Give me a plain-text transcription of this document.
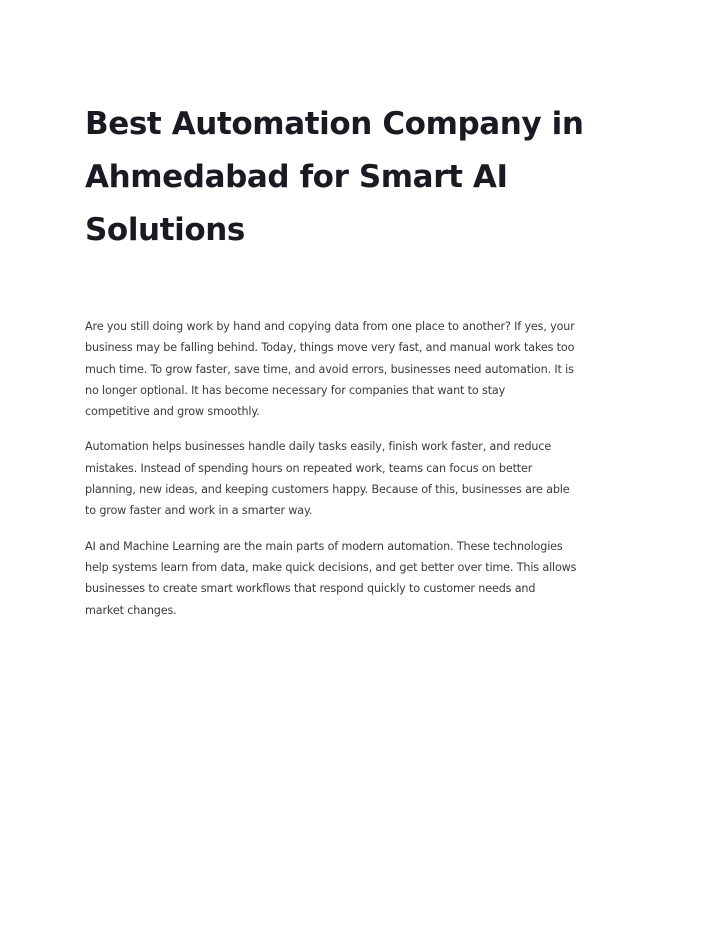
Best Automation Company in
Ahmedabad for Smart AI
Solutions

Are you still doing work by hand and copying data from one place to another? If yes, your
business may be falling behind. Today, things move very fast, and manual work takes too
much time. To grow faster, save time, and avoid errors, businesses need automation. It is
no longer optional. It has become necessary for companies that want to stay
competitive and grow smoothly.

Automation helps businesses handle daily tasks easily, finish work faster, and reduce
mistakes. Instead of spending hours on repeated work, teams can focus on better
planning, new ideas, and keeping customers happy. Because of this, businesses are able
to grow faster and work in a smarter way.

AI and Machine Learning are the main parts of modern automation. These technologies
help systems learn from data, make quick decisions, and get better over time. This allows
businesses to create smart workflows that respond quickly to customer needs and
market changes.
